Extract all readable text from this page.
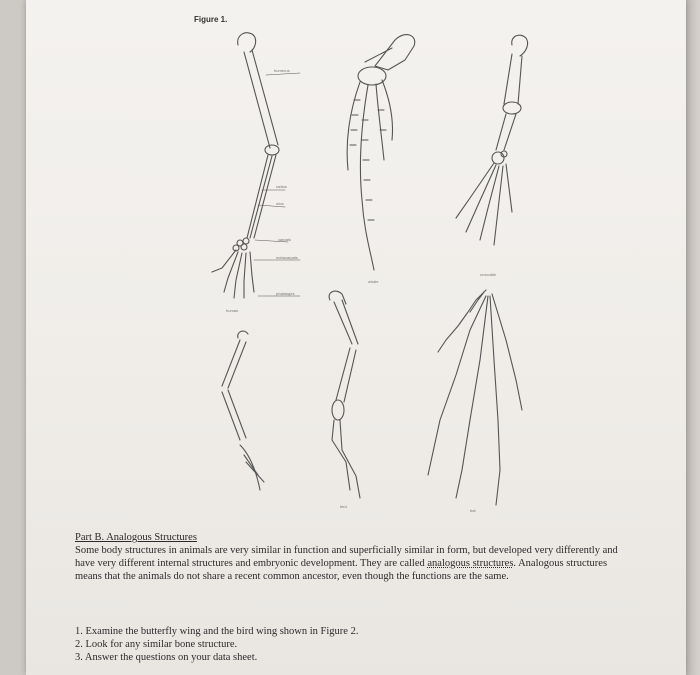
Figure 1.
humerus
radius
ulna
carpals
metacarpals
phalanges
human
whale
crocodile
bird
bat
Part B. Analogous Structures
Some body structures in animals are very similar in function and superficially similar in form, but developed very differently and have very different internal structures and embryonic development. They are called analogous structures. Analogous structures means that the animals do not share a recent common ancestor, even though the functions are the same.
1. Examine the butterfly wing and the bird wing shown in Figure 2.
2. Look for any similar bone structure.
3. Answer the questions on your data sheet.
